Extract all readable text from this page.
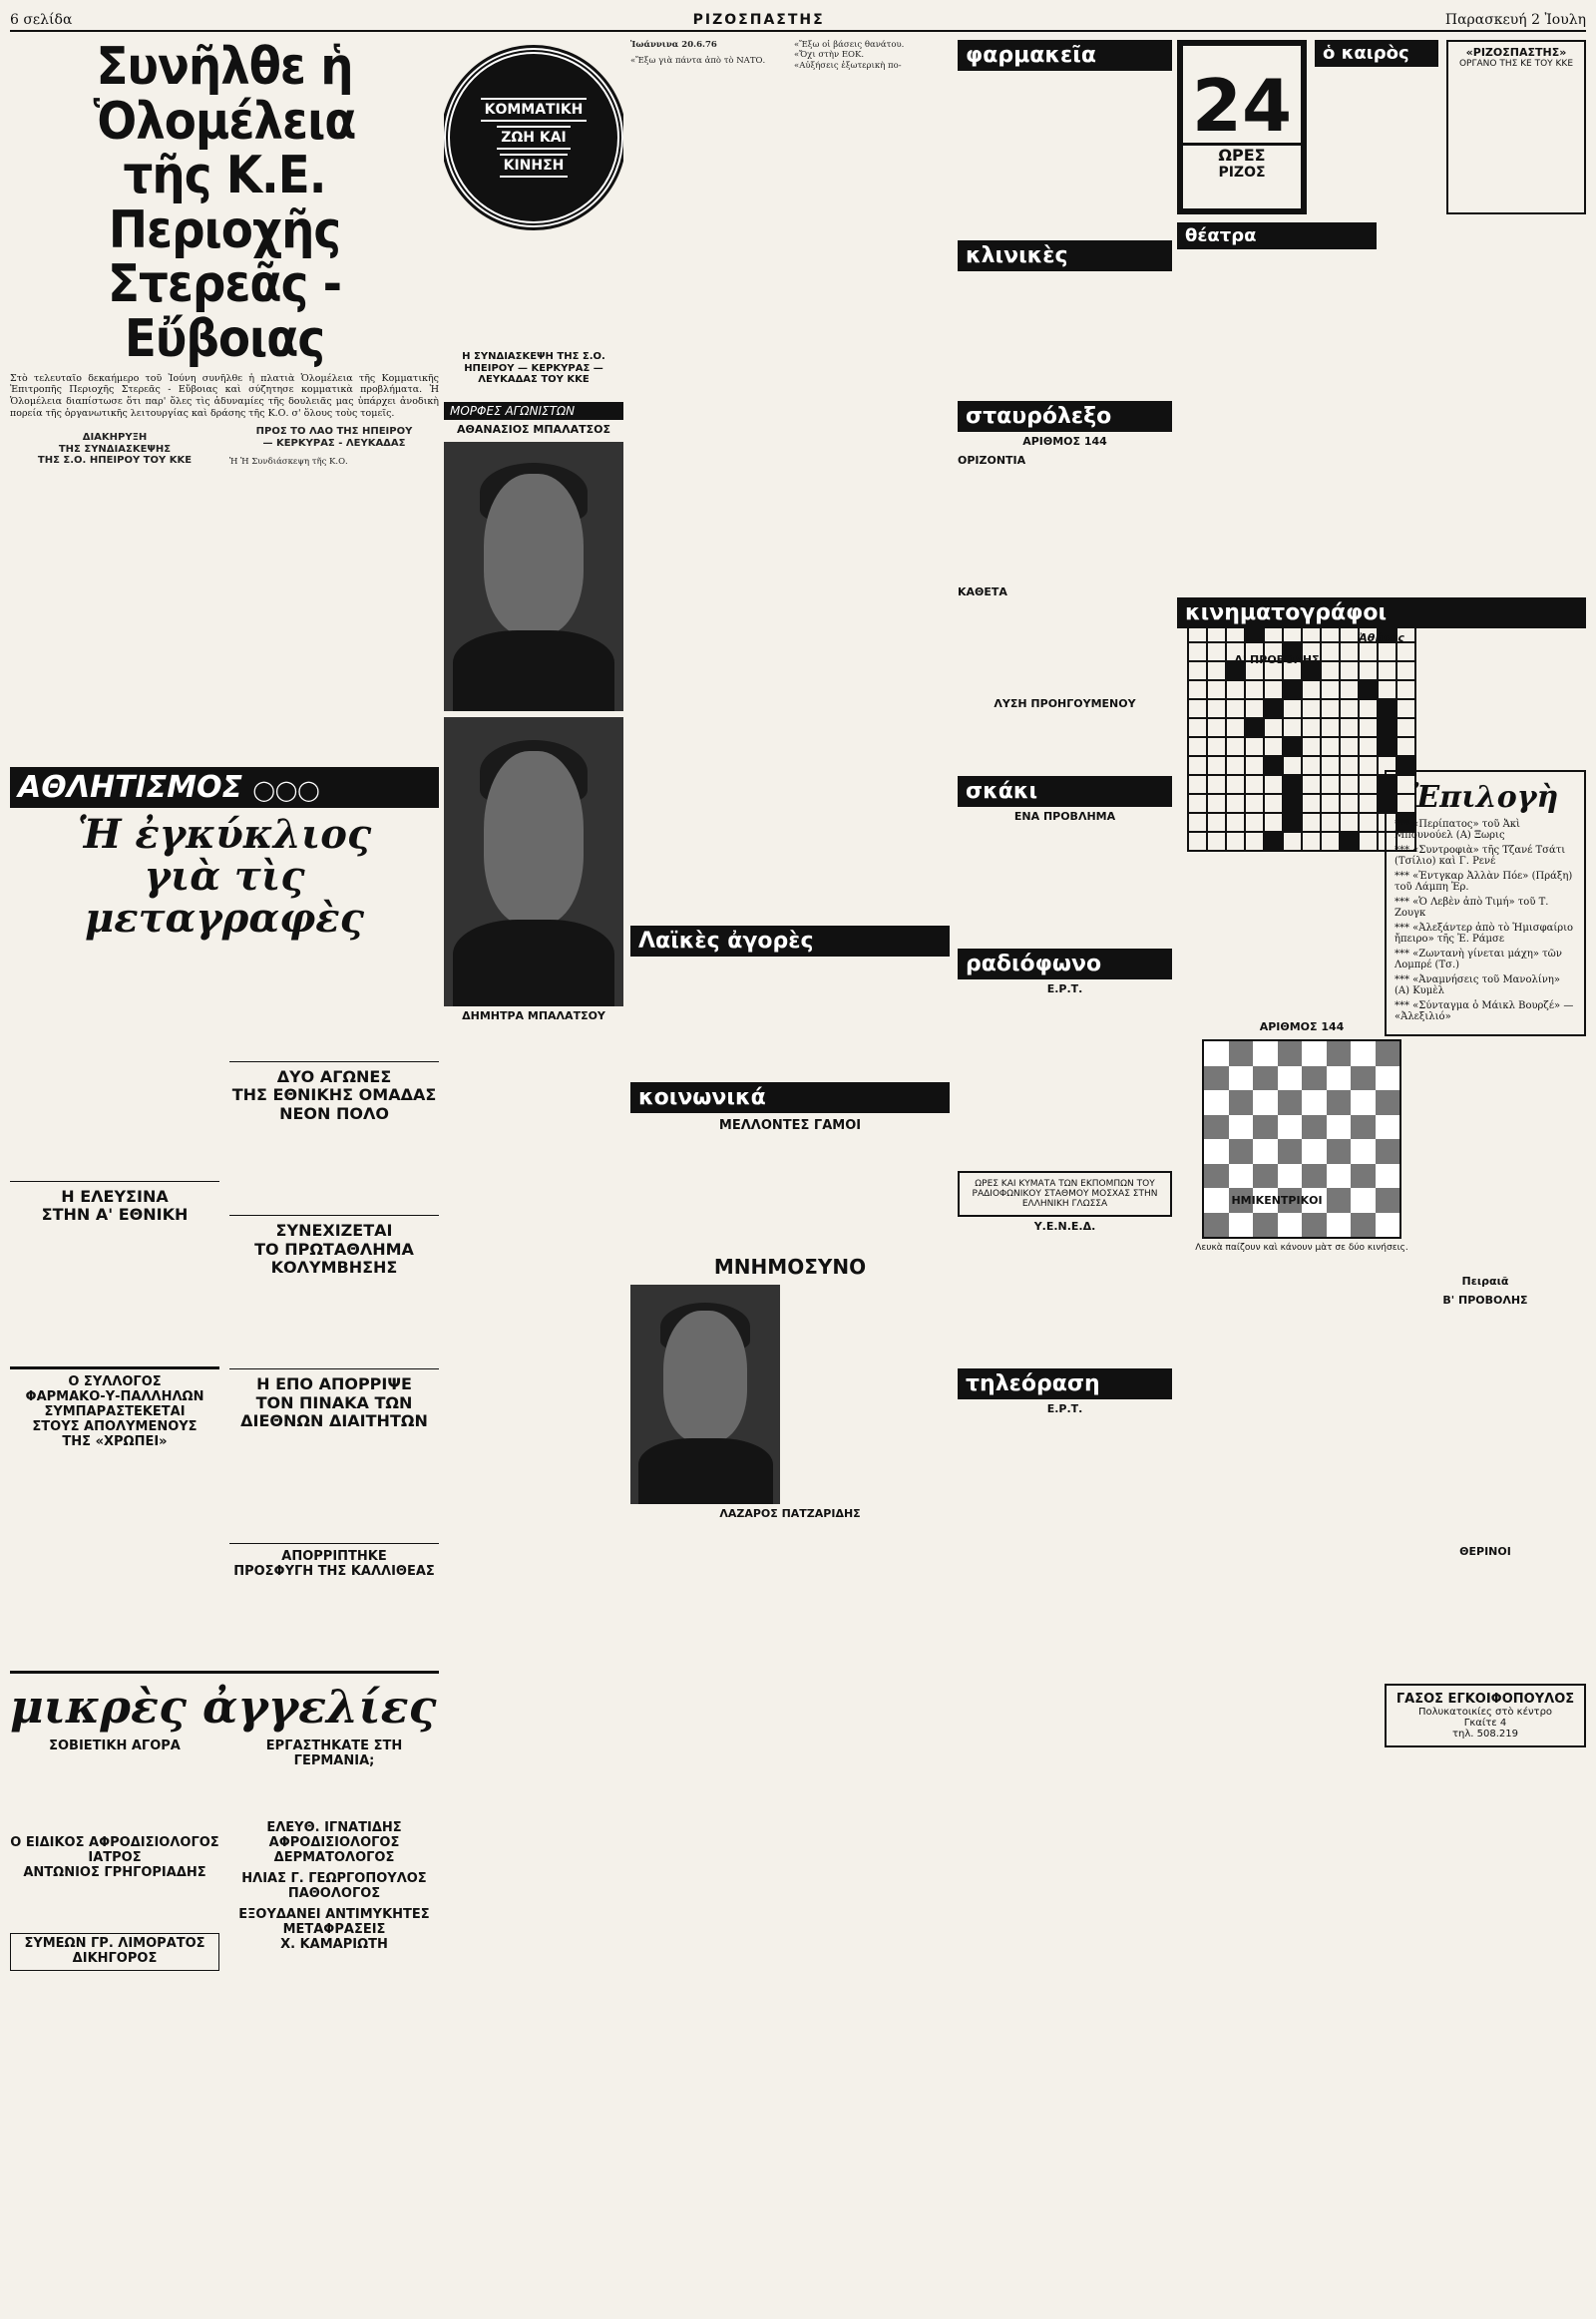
6 σελίδα	ΡΙΖΟΣΠΑΣΤΗΣ	Παρασκευή 2 Ἰουλη
Συνῆλθε ἡ Ὁλομέλεια
τῆς Κ.Ε. Περιοχῆς
Στερεᾶς - Εὔβοιας

Στὸ τελευταῖο δεκαήμερο τοῦ Ἰούνη συνῆλθε ἡ πλατιὰ Ὁλομέλεια τῆς Κομματικῆς Ἐπιτροπῆς Περιοχῆς Στερεᾶς - Εὔβοιας καὶ σύζητησε κομματικὰ προβλήματα. Ἡ Ὁλομέλεια διαπίστωσε ὅτι παρ' ὅλες τὶς ἀδυναμίες τῆς δουλειᾶς μας ὑπάρχει ἀνοδικὴ πορεία τῆς ὀργανωτικῆς λειτουργίας καὶ δράσης τῆς Κ.Ο. σ' ὅλους τοὺς τομεῖς.

ΔΙΑΚΗΡΥΞΗ
ΤΗΣ ΣΥΝΔΙΑΣΚΕΨΗΣ
ΤΗΣ Σ.Ο. ΗΠΕΙΡΟΥ ΤΟΥ ΚΚΕ
ΠΡΟΣ ΤΟ ΛΑΟ ΤΗΣ ΗΠΕΙΡΟΥ
— ΚΕΡΚΥΡΑΣ - ΛΕΥΚΑΔΑΣ
Ἡ Ἡ Συνδιάσκεψη τῆς Κ.Ο.
ΑΘΛΗΤΙΣΜΟΣ ◯◯◯
Ἡ ἐγκύκλιος
γιὰ τὶς μεταγραφὲς
Η ΕΛΕΥΣΙΝΑ
ΣΤΗΝ Α' ΕΘΝΙΚΗ
Ο ΣΥΛΛΟΓΟΣ
ΦΑΡΜΑΚΟ-Υ-ΠΑΛΛΗΛΩΝ
ΣΥΜΠΑΡΑΣΤΕΚΕΤΑΙ
ΣΤΟΥΣ ΑΠΟΛΥΜΕΝΟΥΣ
ΤΗΣ «ΧΡΩΠΕΙ»
ΔΥΟ ΑΓΩΝΕΣ
ΤΗΣ ΕΘΝΙΚΗΣ ΟΜΑΔΑΣ
ΝΕΟΝ ΠΟΛΟ
ΣΥΝΕΧΙΖΕΤΑΙ
ΤΟ ΠΡΩΤΑΘΛΗΜΑ
ΚΟΛΥΜΒΗΣΗΣ
Η ΕΠΟ ΑΠΟΡΡΙΨΕ
ΤΟΝ ΠΙΝΑΚΑ ΤΩΝ
ΔΙΕΘΝΩΝ ΔΙΑΙΤΗΤΩΝ
ΑΠΟΡΡΙΠΤΗΚΕ
ΠΡΟΣΦΥΓΗ ΤΗΣ ΚΑΛΛΙΘΕΑΣ
μικρὲς ἀγγελίες
ΣΟΒΙΕΤΙΚΗ ΑΓΟΡΑ
Ο ΕΙΔΙΚΟΣ ΑΦΡΟΔΙΣΙΟΛΟΓΟΣ
ΙΑΤΡΟΣ
ΑΝΤΩΝΙΟΣ ΓΡΗΓΟΡΙΑΔΗΣ
ΣΥΜΕΩΝ ΓΡ. ΛΙΜΟΡΑΤΟΣ
ΔΙΚΗΓΟΡΟΣ
ΕΡΓΑΣΤΗΚΑΤΕ ΣΤΗ ΓΕΡΜΑΝΙΑ;
ΕΛΕΥΘ. ΙΓΝΑΤΙΔΗΣ
ΑΦΡΟΔΙΣΙΟΛΟΓΟΣ
ΔΕΡΜΑΤΟΛΟΓΟΣ
ΗΛΙΑΣ Γ. ΓΕΩΡΓΟΠΟΥΛΟΣ
ΠΑΘΟΛΟΓΟΣ
ΕΞΟΥΔΑΝΕΙ ΑΝΤΙΜΥΚΗΤΕΣ
ΜΕΤΑΦΡΑΣΕΙΣ
Χ. ΚΑΜΑΡΙΩΤΗ
ΚΟΜΜΑΤΙΚΗ
ΖΩΗ ΚΑΙ
ΚΙΝΗΣΗ
Η ΣΥΝΔΙΑΣΚΕΨΗ ΤΗΣ Σ.Ο. ΗΠΕΙΡΟΥ — ΚΕΡΚΥΡΑΣ — ΛΕΥΚΑΔΑΣ ΤΟΥ ΚΚΕ
ΜΟΡΦΕΣ ΑΓΩΝΙΣΤΩΝ
ΑΘΑΝΑΣΙΟΣ ΜΠΑΛΑΤΣΟΣ
ΔΗΜΗΤΡΑ ΜΠΑΛΑΤΣΟΥ
Ἰωάννινα 20.6.76
«Ἔξω γιὰ πάντα ἀπὸ τὸ ΝΑΤΟ.
«Ἔξω οἱ βάσεις θανάτου.
«Ὄχι στὴν ΕΟΚ.
«Αὐξήσεις ἐξωτερικὴ πο-
Λαϊκὲς ἀγορὲς
κοινωνικά
ΜΕΛΛΟΝΤΕΣ ΓΑΜΟΙ
ΜΝΗΜΟΣΥΝΟ
ΛΑΖΑΡΟΣ ΠΑΤΖΑΡΙΔΗΣ
φαρμακεῖα
κλινικὲς
σταυρόλεξο
ΑΡΙΘΜΟΣ 144
ΟΡΙΖΟΝΤΙΑ
ΚΑΘΕΤΑ
ΛΥΣΗ ΠΡΟΗΓΟΥΜΕΝΟΥ
σκάκι
ΕΝΑ ΠΡΟΒΛΗΜΑ
ραδιόφωνο
Ε.Ρ.Τ.
ΩΡΕΣ ΚΑΙ ΚΥΜΑΤΑ ΤΩΝ ΕΚΠΟΜΠΩΝ ΤΟΥ ΡΑΔΙΟΦΩΝΙΚΟΥ ΣΤΑΘΜΟΥ ΜΟΣΧΑΣ ΣΤΗΝ ΕΛΛΗΝΙΚΗ ΓΛΩΣΣΑ
Υ.Ε.Ν.Ε.Δ.
τηλεόραση
Ε.Ρ.Τ.
ΑΡΙΘΜΟΣ 144
Λευκὰ παίζουν καὶ κάνουν μὰτ σε δύο κινήσεις.
24
ΩΡΕΣ
ΡΙΖΟΣ
ὁ καιρὸς	«ΡΙΖΟΣΠΑΣΤΗΣ»
ΟΡΓΑΝΟ ΤΗΣ ΚΕ ΤΟΥ ΚΚΕ
θέατρα
κινηματογράφοι
Ἀθήνας
Α' ΠΡΟΒΟΛΗΣ
ΗΜΙΚΕΝΤΡΙΚΟΙ
Ἐπιλογὴ
*** «Περίπατος» τοῦ Ἀκὶ Μπουνούελ (Α) Ξωρις
*** «Συντροφιὰ» τῆς Τζανέ Τσάτι (Τσίλιο) καὶ Γ. Ρενέ
*** «Ἐντγκαρ Ἀλλὰν Πόε» (Πράξη) τοῦ Λάμπη Ἐρ.
*** «Ὁ Λεβὲν ἀπὸ Τιμή» τοῦ Τ. Ζουγκ
*** «Ἀλεξάντερ ἀπὸ τὸ Ἡμισφαίριο ἤπειρο» τῆς Ἐ. Ράμσε
*** «Ζωντανὴ γίνεται μάχη» τῶν Λομπρέ (Τσ.)
*** «Ἀναμνήσεις τοῦ Μανολίνη» (Α) Κυμὲλ
*** «Σύνταγμα ὁ Μάικλ Βουρζέ» — «Ἀλεξιλιό»
Πειραιᾶ
Β' ΠΡΟΒΟΛΗΣ
ΘΕΡΙΝΟΙ
ΓΑΣΟΣ ΕΓΚΟΙΦΟΠΟΥΛΟΣ
Πολυκατοικίες στὸ κέντρο
Γκαίτε 4
τηλ. 508.219
